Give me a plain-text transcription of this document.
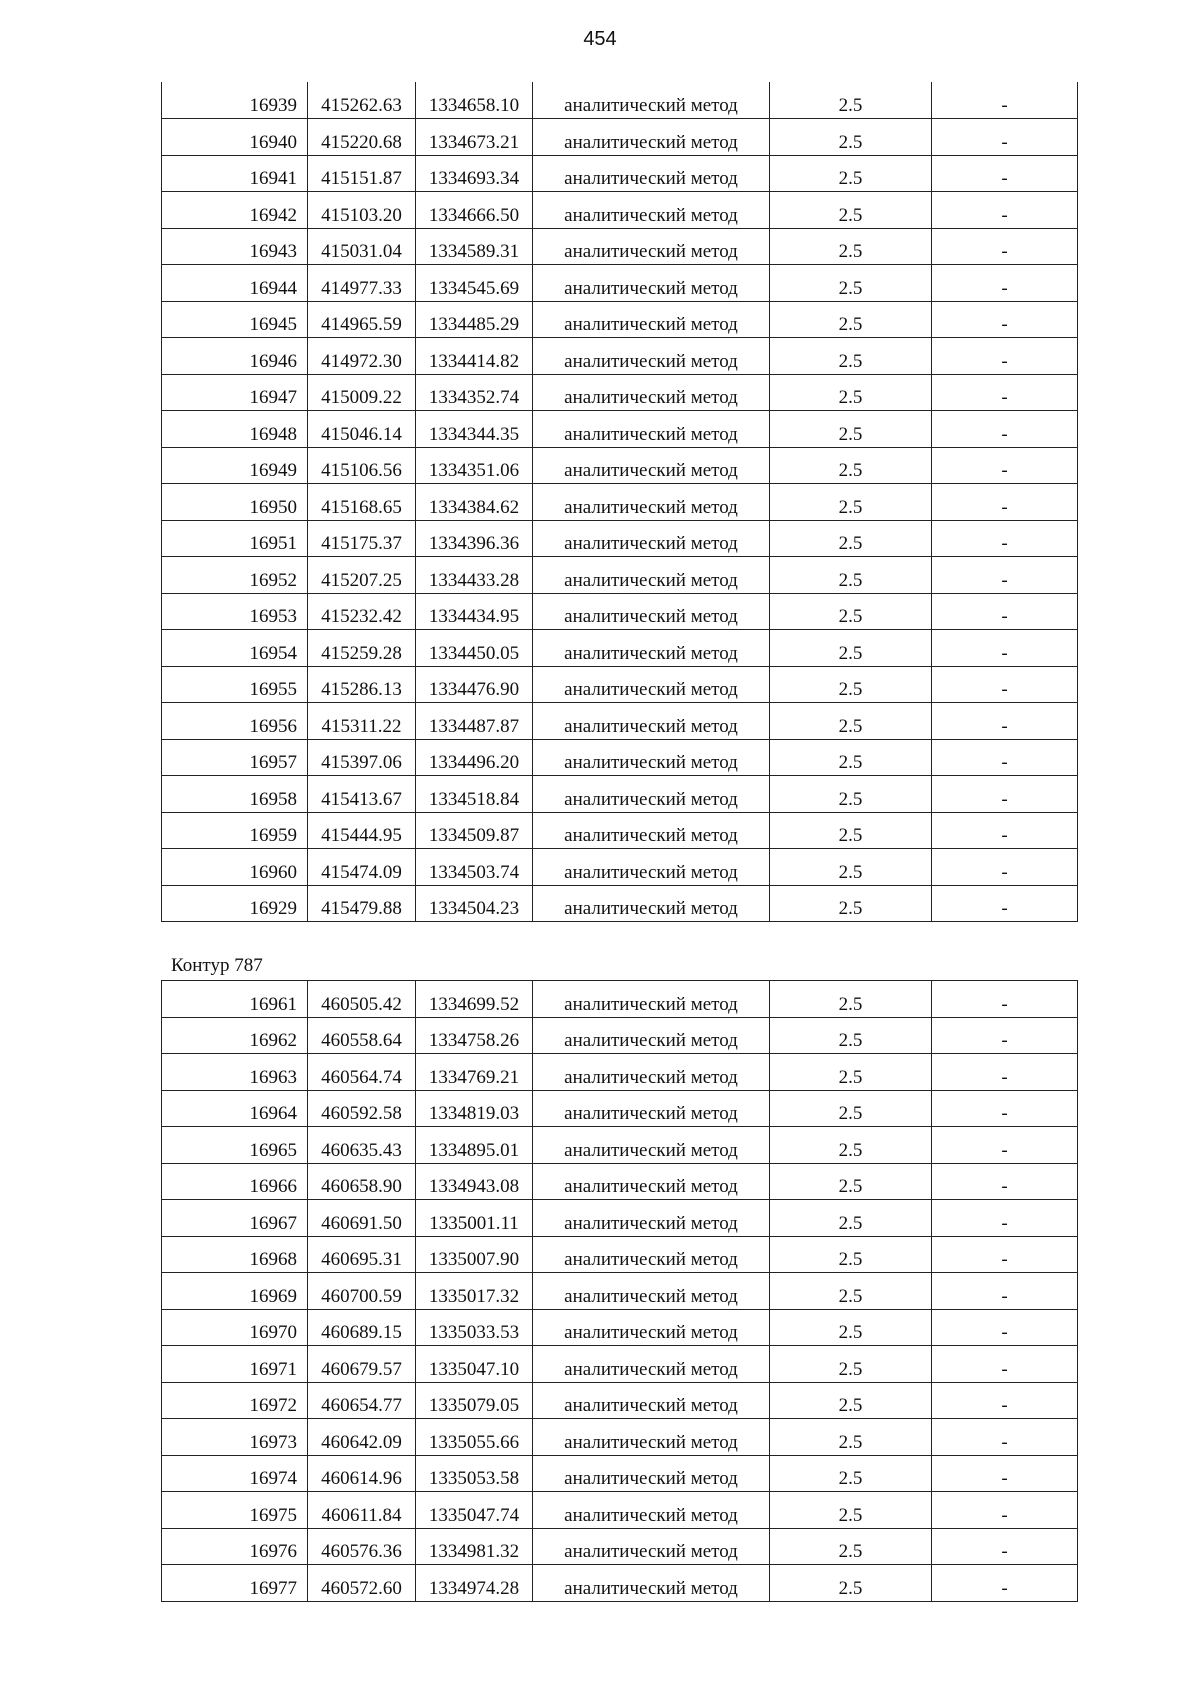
454
16939	415262.63	1334658.10	аналитический метод	2.5	-
16940	415220.68	1334673.21	аналитический метод	2.5	-
16941	415151.87	1334693.34	аналитический метод	2.5	-
16942	415103.20	1334666.50	аналитический метод	2.5	-
16943	415031.04	1334589.31	аналитический метод	2.5	-
16944	414977.33	1334545.69	аналитический метод	2.5	-
16945	414965.59	1334485.29	аналитический метод	2.5	-
16946	414972.30	1334414.82	аналитический метод	2.5	-
16947	415009.22	1334352.74	аналитический метод	2.5	-
16948	415046.14	1334344.35	аналитический метод	2.5	-
16949	415106.56	1334351.06	аналитический метод	2.5	-
16950	415168.65	1334384.62	аналитический метод	2.5	-
16951	415175.37	1334396.36	аналитический метод	2.5	-
16952	415207.25	1334433.28	аналитический метод	2.5	-
16953	415232.42	1334434.95	аналитический метод	2.5	-
16954	415259.28	1334450.05	аналитический метод	2.5	-
16955	415286.13	1334476.90	аналитический метод	2.5	-
16956	415311.22	1334487.87	аналитический метод	2.5	-
16957	415397.06	1334496.20	аналитический метод	2.5	-
16958	415413.67	1334518.84	аналитический метод	2.5	-
16959	415444.95	1334509.87	аналитический метод	2.5	-
16960	415474.09	1334503.74	аналитический метод	2.5	-
16929	415479.88	1334504.23	аналитический метод	2.5	-
Контур 787
16961	460505.42	1334699.52	аналитический метод	2.5	-
16962	460558.64	1334758.26	аналитический метод	2.5	-
16963	460564.74	1334769.21	аналитический метод	2.5	-
16964	460592.58	1334819.03	аналитический метод	2.5	-
16965	460635.43	1334895.01	аналитический метод	2.5	-
16966	460658.90	1334943.08	аналитический метод	2.5	-
16967	460691.50	1335001.11	аналитический метод	2.5	-
16968	460695.31	1335007.90	аналитический метод	2.5	-
16969	460700.59	1335017.32	аналитический метод	2.5	-
16970	460689.15	1335033.53	аналитический метод	2.5	-
16971	460679.57	1335047.10	аналитический метод	2.5	-
16972	460654.77	1335079.05	аналитический метод	2.5	-
16973	460642.09	1335055.66	аналитический метод	2.5	-
16974	460614.96	1335053.58	аналитический метод	2.5	-
16975	460611.84	1335047.74	аналитический метод	2.5	-
16976	460576.36	1334981.32	аналитический метод	2.5	-
16977	460572.60	1334974.28	аналитический метод	2.5	-
